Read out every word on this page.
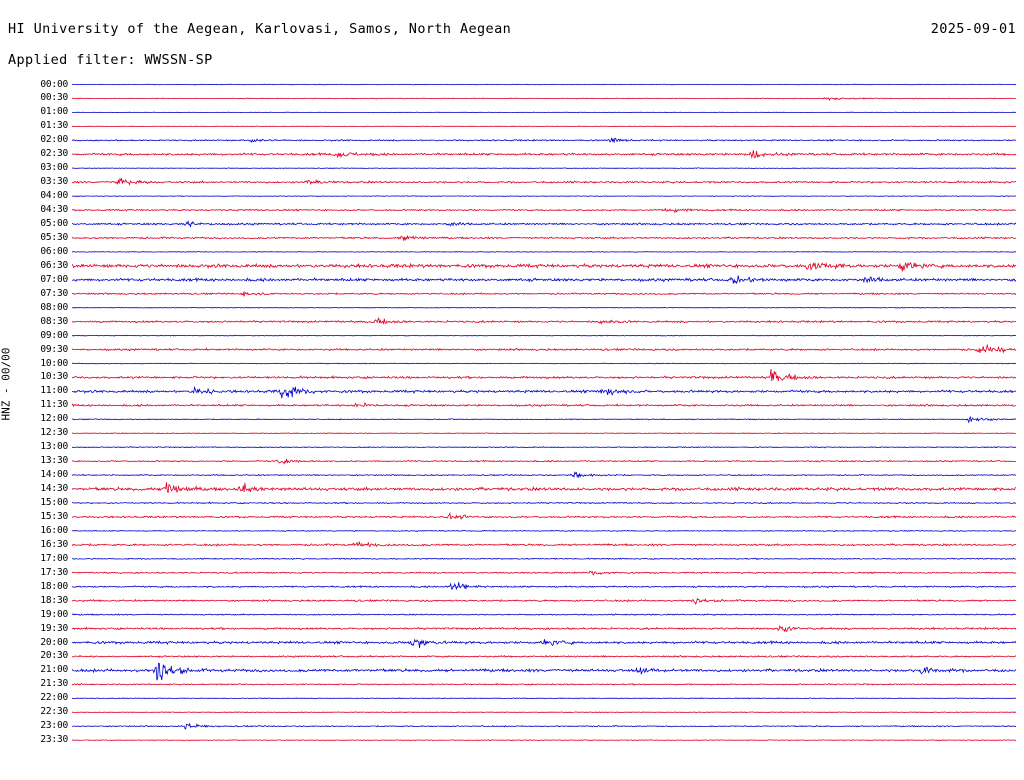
HI University of the Aegean, Karlovasi, Samos, North Aegean	2025-09-01
Applied filter: WWSSN-SP
HNZ - 00/00
00:00
00:30
01:00
01:30
02:00
02:30
03:00
03:30
04:00
04:30
05:00
05:30
06:00
06:30
07:00
07:30
08:00
08:30
09:00
09:30
10:00
10:30
11:00
11:30
12:00
12:30
13:00
13:30
14:00
14:30
15:00
15:30
16:00
16:30
17:00
17:30
18:00
18:30
19:00
19:30
20:00
20:30
21:00
21:30
22:00
22:30
23:00
23:30
